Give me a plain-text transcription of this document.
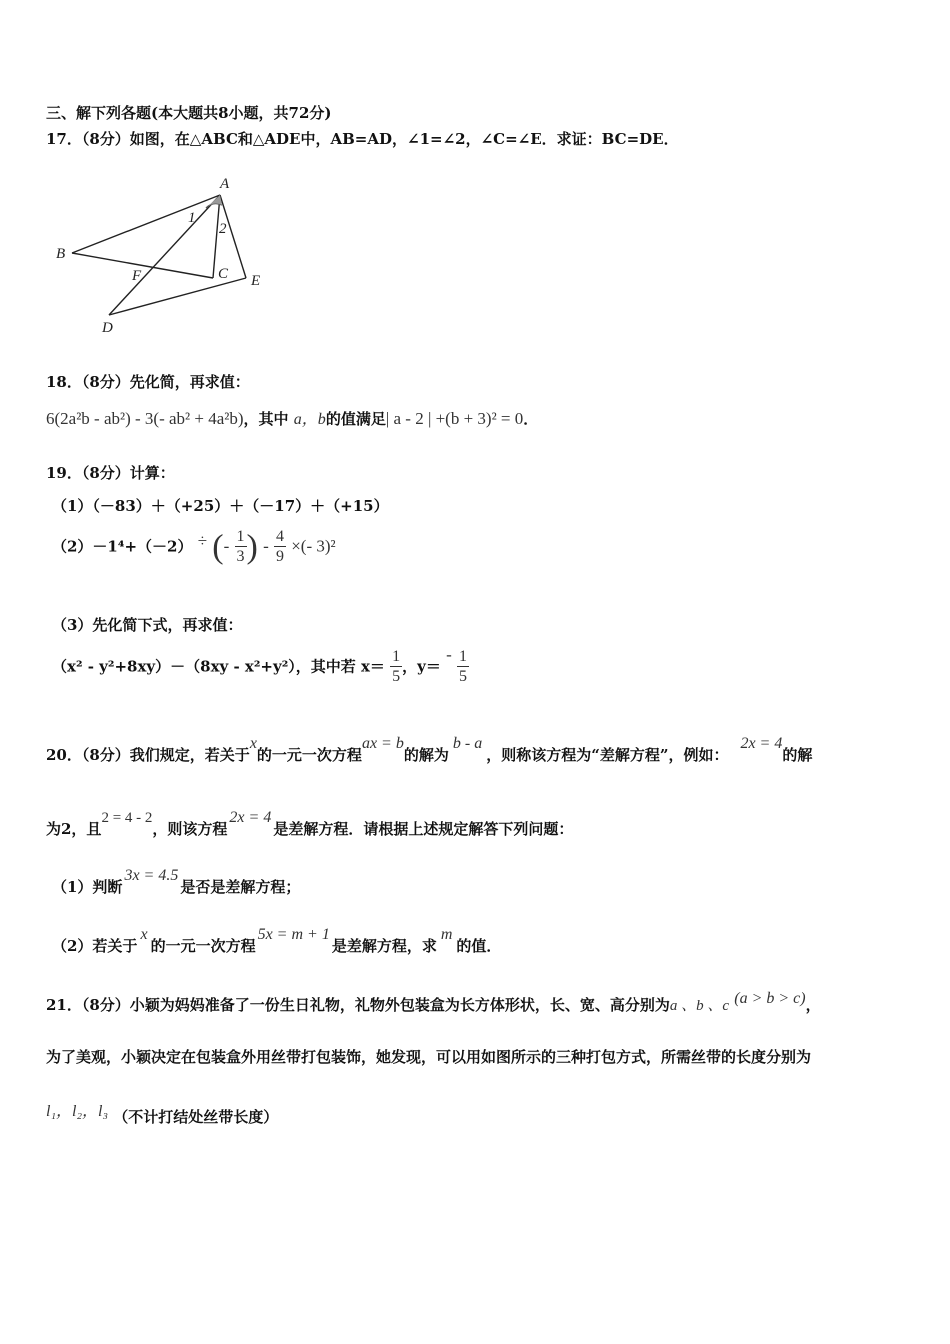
三、解下列各题(本大题共8小题，共72分)
17．（8分）如图，在△ABC和△ADE中，AB=AD，∠1=∠2，∠C=∠E．求证：BC=DE．
A
B
C
D
E
F
1
2
18．（8分）先化简，再求值：
6(2a²b - ab²) - 3(- ab² + 4a²b)，其中 a，b的值满足| a - 2 | +(b + 3)² = 0．
19．（8分）计算：
（1）（－83）＋（+25）＋（－17）＋（+15）
（2）－1⁴+（－2） ÷ (- $\frac{1}{3}$ ) - $\frac{4}{9}$ ×(- 3)²
（3）先化简下式，再求值：
（x² - y²+8xy）－（8xy - x²+y²），其中若 $x= \frac{1}{5}$ ，$y= - \frac{1}{5}$
20．（8分）我们规定，若关于x的一元一次方程ax = b的解为b - a，则称该方程为“差解方程”，例如：2x = 4的解
为2，且2 = 4 - 2，则该方程2x = 4是差解方程．请根据上述规定解答下列问题：
（1）判断3x = 4.5是否是差解方程；
（2）若关于x的一元一次方程5x = m + 1是差解方程，求m的值．
21．（8分）小颖为妈妈准备了一份生日礼物，礼物外包装盒为长方体形状，长、宽、高分别为a 、b 、c (a > b > c)，
为了美观，小颖决定在包装盒外用丝带打包装饰，她发现，可以用如图所示的三种打包方式，所需丝带的长度分别为
l₁，l₂，l₃ （不计打结处丝带长度）
